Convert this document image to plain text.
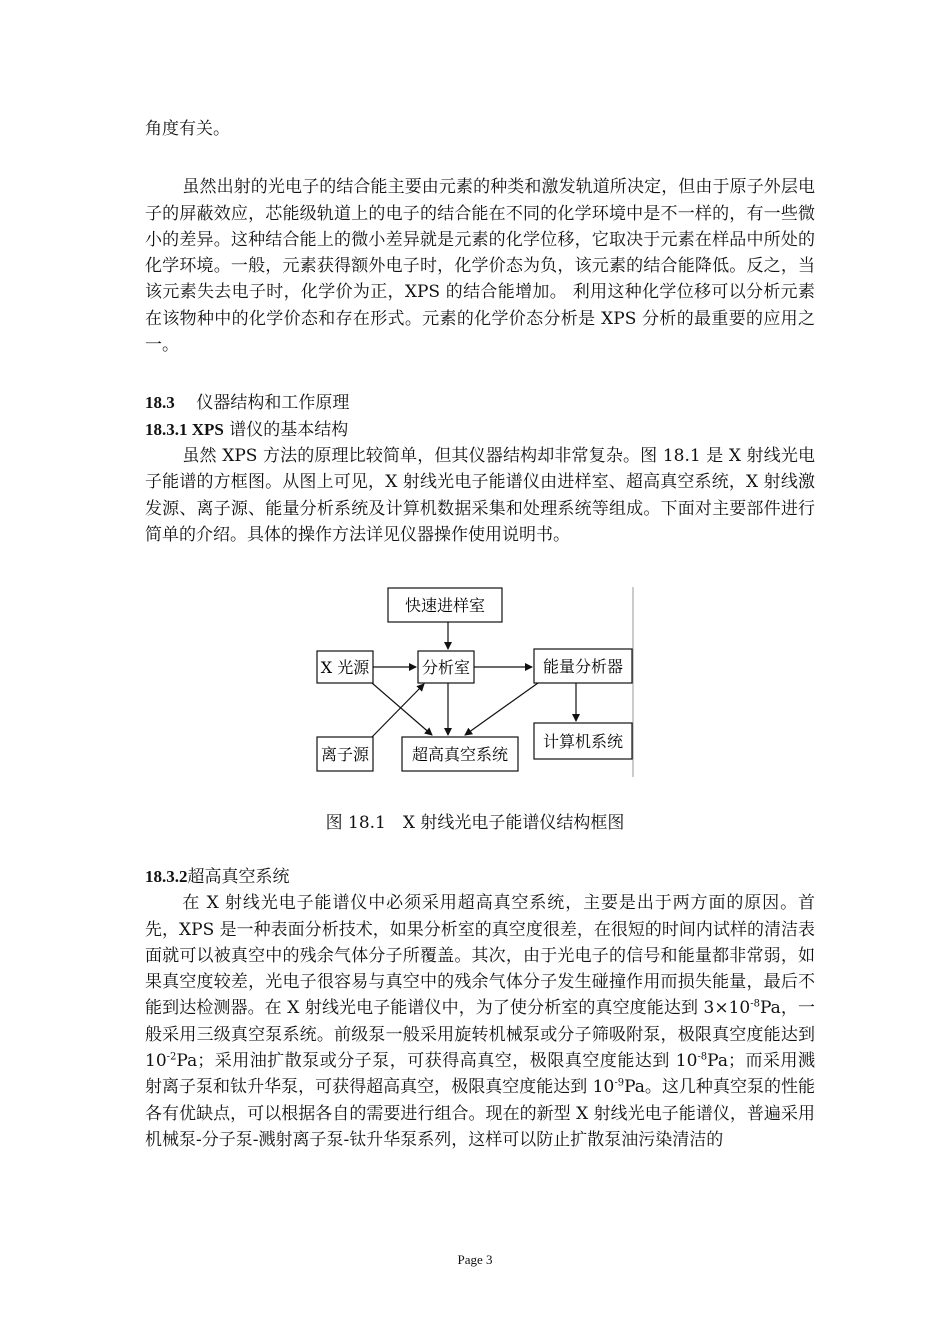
角度有关。

虽然出射的光电子的结合能主要由元素的种类和激发轨道所决定，但由于原子外层电子的屏蔽效应，芯能级轨道上的电子的结合能在不同的化学环境中是不一样的，有一些微小的差异。这种结合能上的微小差异就是元素的化学位移，它取决于元素在样品中所处的化学环境。一般，元素获得额外电子时，化学价态为负，该元素的结合能降低。反之，当该元素失去电子时，化学价为正，XPS 的结合能增加。 利用这种化学位移可以分析元素在该物种中的化学价态和存在形式。元素的化学价态分析是 XPS 分析的最重要的应用之一。

18.3 仪器结构和工作原理

18.3.1 XPS 谱仪的基本结构

虽然 XPS 方法的原理比较简单，但其仪器结构却非常复杂。图 18.1 是 X 射线光电子能谱的方框图。从图上可见，X 射线光电子能谱仪由进样室、超高真空系统，X 射线激发源、离子源、能量分析系统及计算机数据采集和处理系统等组成。下面对主要部件进行简单的介绍。具体的操作方法详见仪器操作使用说明书。

快速进样室
X 光源	分析室	能量分析器
计算机系统
离子源	超高真空系统
图 18.1　X 射线光电子能谱仪结构框图

18.3.2超高真空系统

在 X 射线光电子能谱仪中必须采用超高真空系统，主要是出于两方面的原因。首先，XPS 是一种表面分析技术，如果分析室的真空度很差，在很短的时间内试样的清洁表面就可以被真空中的残余气体分子所覆盖。其次，由于光电子的信号和能量都非常弱，如果真空度较差，光电子很容易与真空中的残余气体分子发生碰撞作用而损失能量，最后不能到达检测器。在 X 射线光电子能谱仪中，为了使分析室的真空度能达到 $3\times 10^{-8}Pa$，一般采用三级真空泵系统。前级泵一般采用旋转机械泵或分子筛吸附泵，极限真空度能达到 $10^{-2}Pa$；采用油扩散泵或分子泵，可获得高真空，极限真空度能达到 $10^{-8}Pa$；而采用溅射离子泵和钛升华泵，可获得超高真空，极限真空度能达到 $10^{-9}Pa$。这几种真空泵的性能各有优缺点，可以根据各自的需要进行组合。现在的新型 X 射线光电子能谱仪，普遍采用机械泵-分子泵-溅射离子泵-钛升华泵系列，这样可以防止扩散泵油污染清洁的

Page 3
